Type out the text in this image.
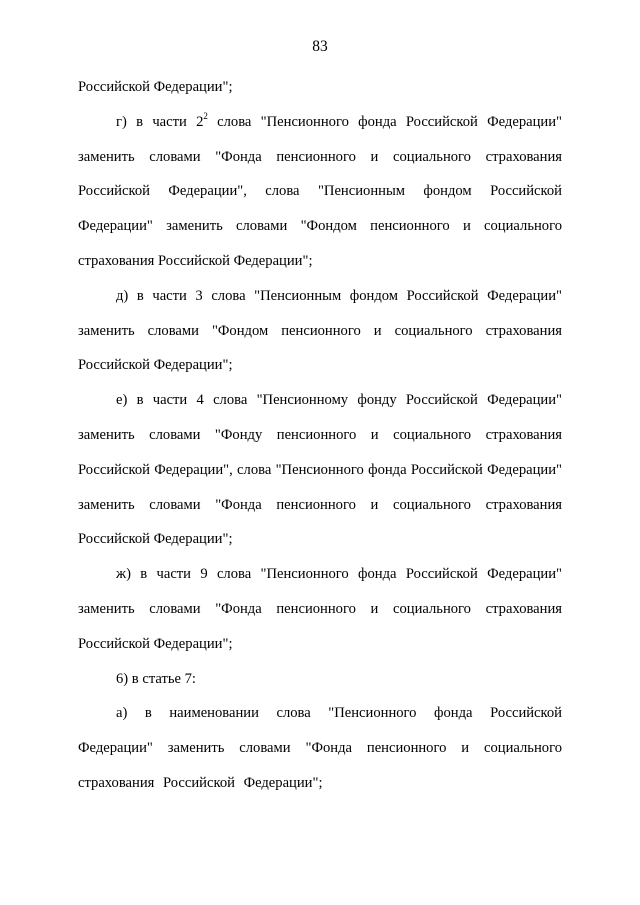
83

Российской Федерации";

г) в части $2^2$ слова "Пенсионного фонда Российской Федерации" заменить словами "Фонда пенсионного и социального страхования Российской Федерации", слова "Пенсионным фондом Российской Федерации" заменить словами "Фондом пенсионного и социального страхования Российской Федерации";

д) в части 3 слова "Пенсионным фондом Российской Федерации" заменить словами "Фондом пенсионного и социального страхования Российской Федерации";

е) в части 4 слова "Пенсионному фонду Российской Федерации" заменить словами "Фонду пенсионного и социального страхования Российской Федерации", слова "Пенсионного фонда Российской Федерации" заменить словами "Фонда пенсионного и социального страхования Российской Федерации";

ж) в части 9 слова "Пенсионного фонда Российской Федерации" заменить словами "Фонда пенсионного и социального страхования Российской Федерации";

6) в статье 7:

а) в наименовании слова "Пенсионного фонда Российской Федерации" заменить словами "Фонда пенсионного и социального страхования Российской Федерации";
